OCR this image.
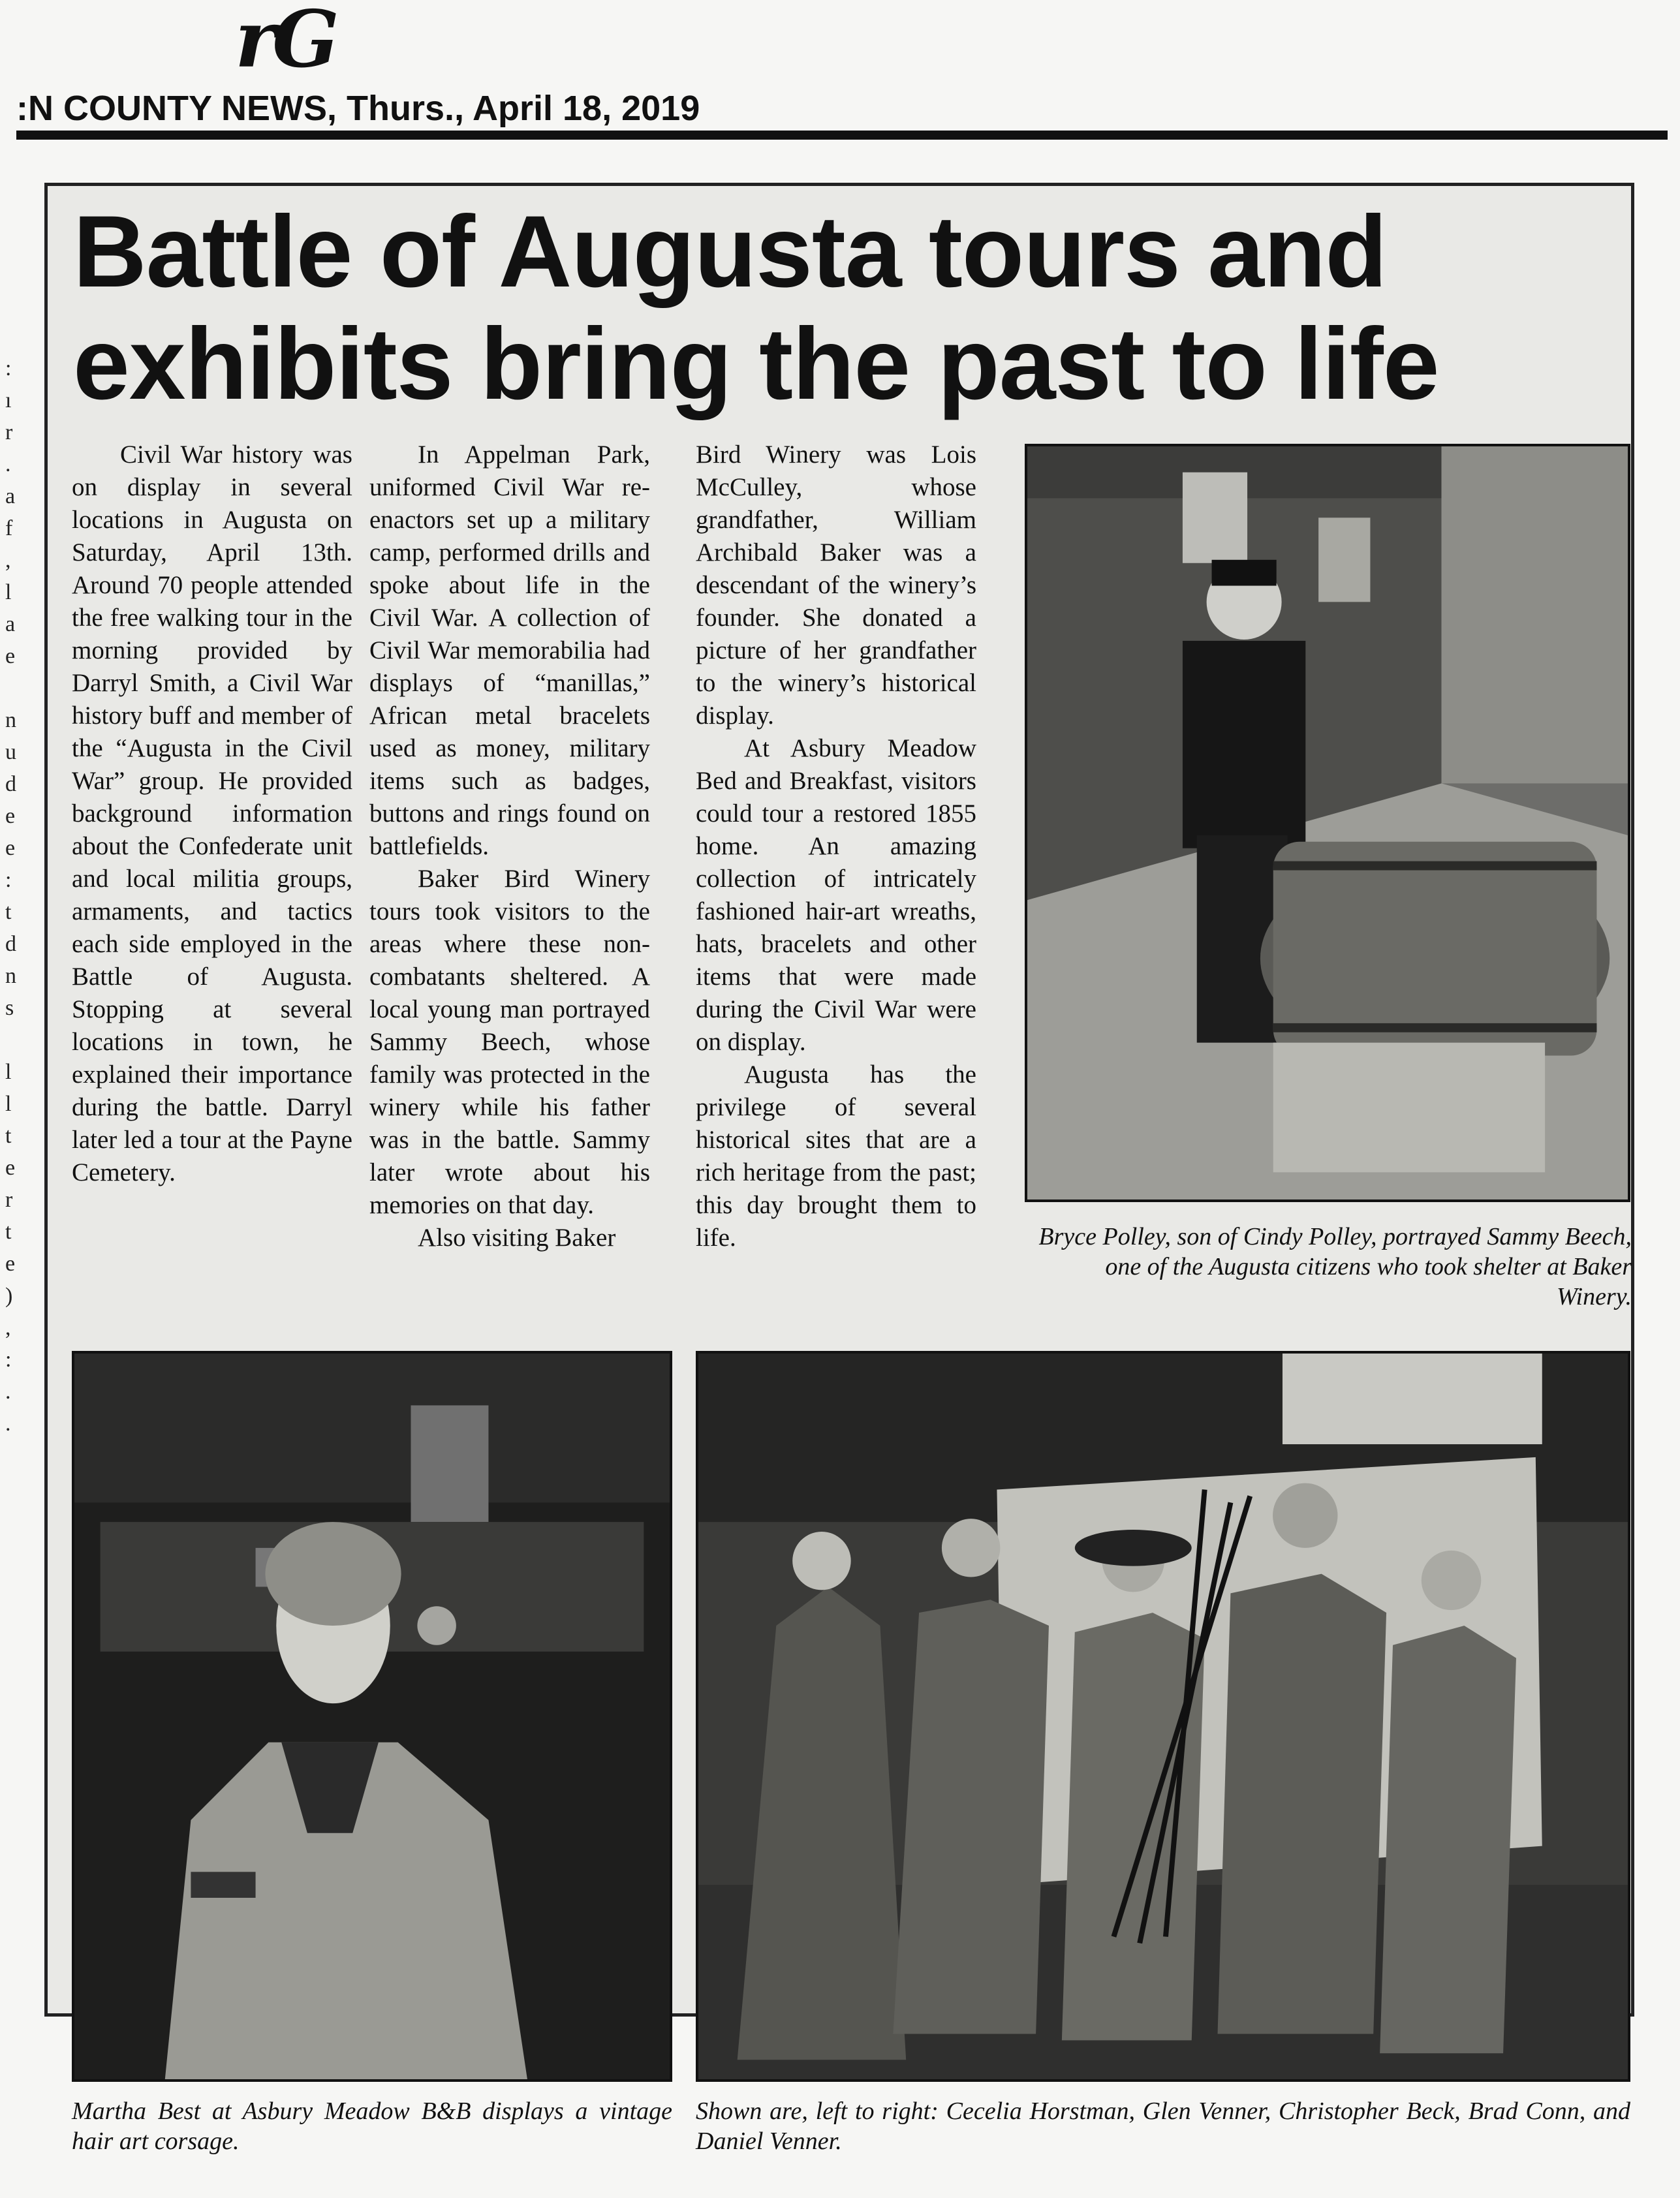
rG
:N COUNTY NEWS, Thurs., April 18, 2019
:
ı
r
.
a
f
,
l
a
e

n
u
d
e
e
:
t
d
n
s

l
l
t
e
r
t
e
)
,
:
.
.
Battle of Augusta tours and
exhibits bring the past to life

Civil War history was on display in several locations in Augusta on Saturday, April 13th. Around 70 people attended the free walking tour in the morning provided by Darryl Smith, a Civil War history buff and member of the “Augusta in the Civil War” group. He provided background information about the Confederate unit and local militia groups, armaments, and tactics each side employed in the Battle of Augusta. Stopping at several locations in town, he explained their importance during the battle. Darryl later led a tour at the Payne Cemetery.

In Appelman Park, uniformed Civil War re-enactors set up a military camp, performed drills and spoke about life in the Civil War. A collection of Civil War memorabilia had displays of “manillas,” African metal bracelets used as money, military items such as badges, buttons and rings found on battlefields.

Baker Bird Winery tours took visitors to the areas where these non-combatants sheltered. A local young man portrayed Sammy Beech, whose family was protected in the winery while his father was in the battle. Sammy later wrote about his memories on that day.

Also visiting Baker

Bird Winery was Lois McCulley, whose grandfather, William Archibald Baker was a descendant of the winery’s founder. She donated a picture of her grandfather to the winery’s historical display.

At Asbury Meadow Bed and Breakfast, visitors could tour a restored 1855 home. An amazing collection of intricately fashioned hair-art wreaths, hats, bracelets and other items that were made during the Civil War were on display.

Augusta has the privilege of several historical sites that are a rich heritage from the past; this day brought them to life.	Bryce Polley, son of Cindy Polley, portrayed Sammy Beech, one of the Augusta citizens who took shelter at Baker Winery.
Martha Best at Asbury Meadow B&B displays a vintage hair art corsage.
Shown are, left to right: Cecelia Horstman, Glen Venner, Christopher Beck, Brad Conn, and Daniel Venner.
